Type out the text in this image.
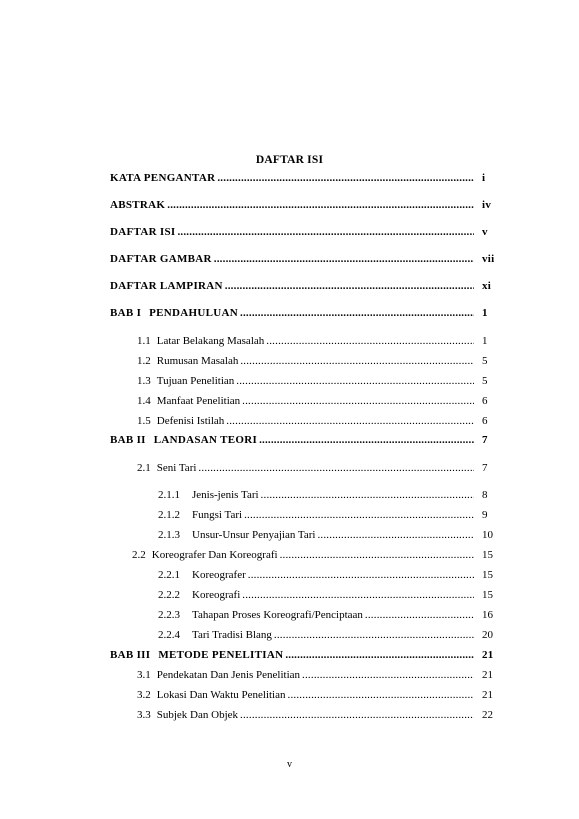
DAFTAR ISI
KATA PENGANTAR .....	i
ABSTRAK .....	iv
DAFTAR ISI .....	v
DAFTAR GAMBAR .....	vii
DAFTAR LAMPIRAN .....	xi
BAB I PENDAHULUAN .....	1
1.1 Latar Belakang Masalah .....	1
1.2 Rumusan Masalah .....	5
1.3 Tujuan Penelitian .....	5
1.4 Manfaat Penelitian .....	6
1.5 Defenisi Istilah .....	6
BAB II LANDASAN TEORI .....	7
2.1 Seni Tari .....	7
2.1.1 Jenis-jenis Tari .....	8
2.1.2 Fungsi Tari .....	9
2.1.3 Unsur-Unsur Penyajian Tari .....	10
2.2 Koreografer Dan Koreografi .....	15
2.2.1 Koreografer .....	15
2.2.2 Koreografi .....	15
2.2.3 Tahapan Proses Koreografi/Penciptaan .....	16
2.2.4 Tari Tradisi Blang .....	20
BAB III METODE PENELITIAN .....	21
3.1 Pendekatan Dan Jenis Penelitian .....	21
3.2 Lokasi Dan Waktu Penelitian .....	21
3.3 Subjek Dan Objek .....	22
v
